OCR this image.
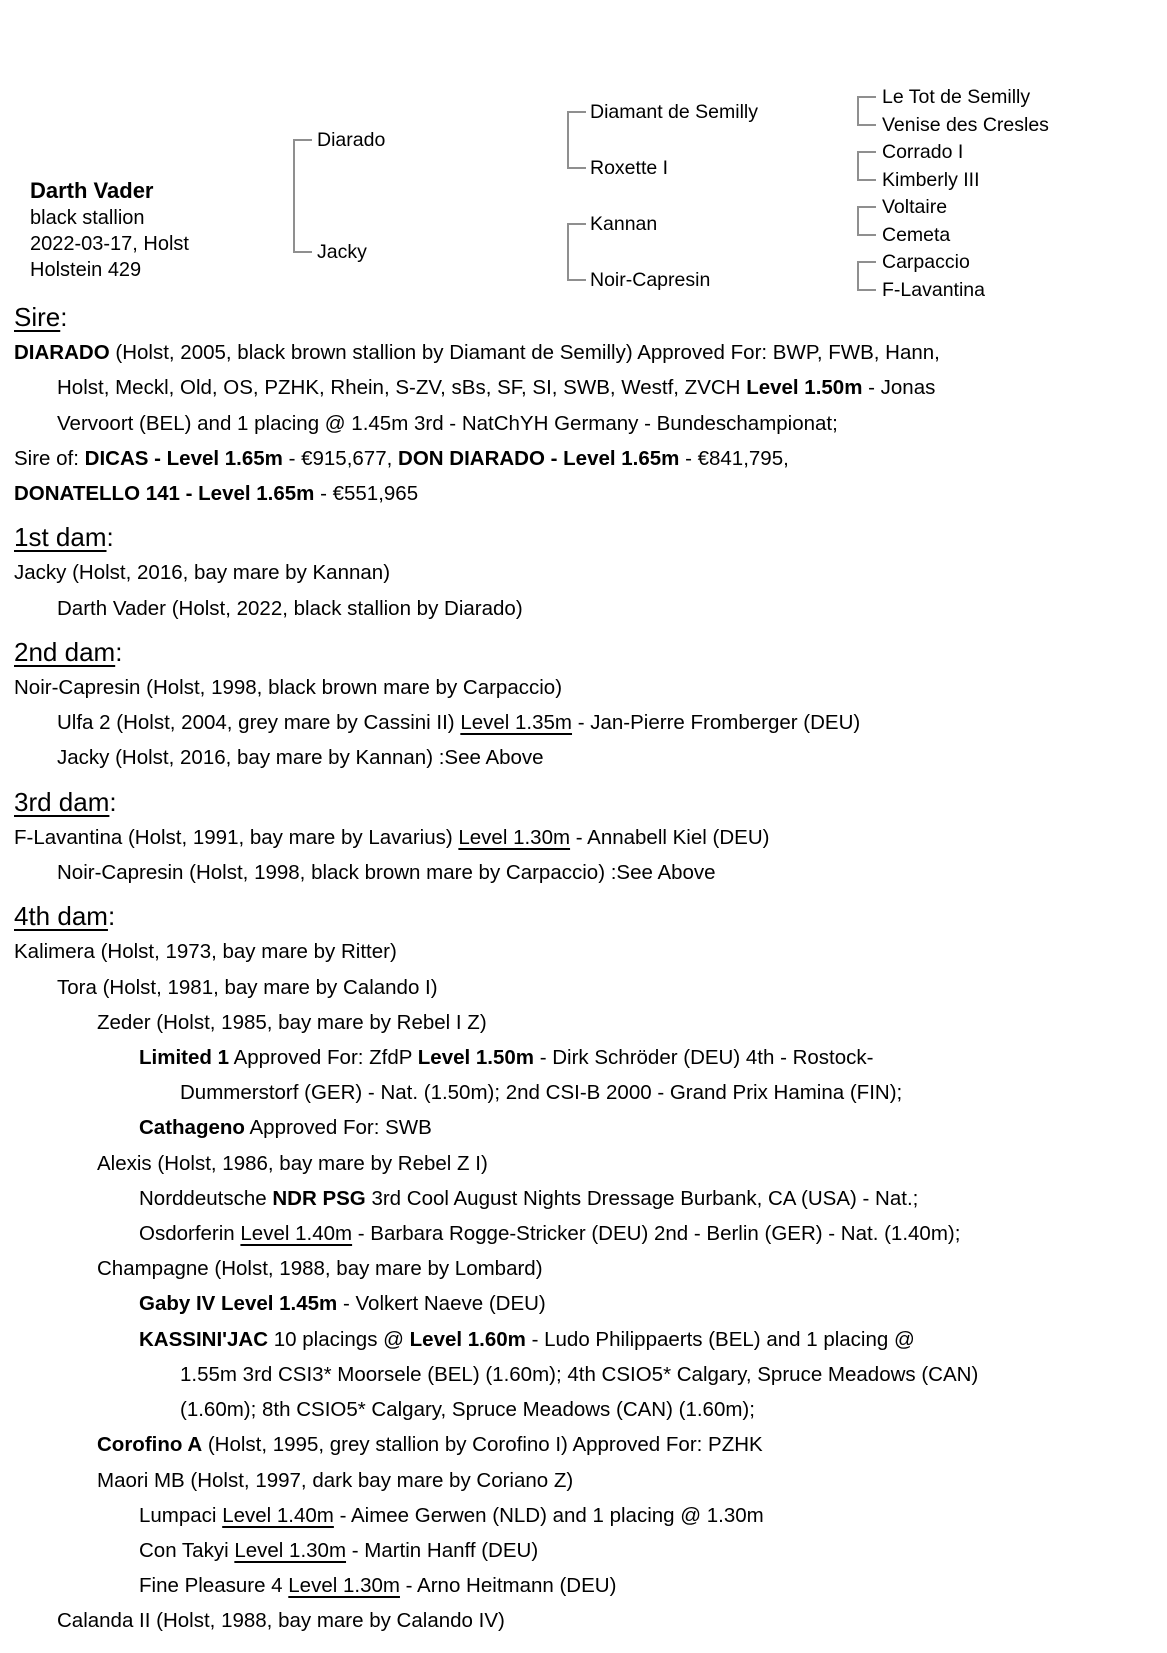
Darth Vader
black stallion
2022-03-17, Holst
Holstein 429
Diarado
Jacky
Diamant de Semilly
Roxette I
Kannan
Noir-Capresin
Le Tot de Semilly
Venise des Cresles
Corrado I
Kimberly III
Voltaire
Cemeta
Carpaccio
F-Lavantina
Sire:
DIARADO (Holst, 2005, black brown stallion by Diamant de Semilly) Approved For: BWP, FWB, Hann,
Holst, Meckl, Old, OS, PZHK, Rhein, S-ZV, sBs, SF, SI, SWB, Westf, ZVCH Level 1.50m - Jonas
Vervoort (BEL) and 1 placing @ 1.45m 3rd - NatChYH Germany - Bundeschampionat;
Sire of: DICAS - Level 1.65m - €915,677, DON DIARADO - Level 1.65m - €841,795,
DONATELLO 141 - Level 1.65m - €551,965
1st dam:
Jacky (Holst, 2016, bay mare by Kannan)
Darth Vader (Holst, 2022, black stallion by Diarado)
2nd dam:
Noir-Capresin (Holst, 1998, black brown mare by Carpaccio)
Ulfa 2 (Holst, 2004, grey mare by Cassini II) Level 1.35m - Jan-Pierre Fromberger (DEU)
Jacky (Holst, 2016, bay mare by Kannan) :See Above
3rd dam:
F-Lavantina (Holst, 1991, bay mare by Lavarius) Level 1.30m - Annabell Kiel (DEU)
Noir-Capresin (Holst, 1998, black brown mare by Carpaccio) :See Above
4th dam:
Kalimera (Holst, 1973, bay mare by Ritter)
Tora (Holst, 1981, bay mare by Calando I)
Zeder (Holst, 1985, bay mare by Rebel I Z)
Limited 1 Approved For: ZfdP Level 1.50m - Dirk Schröder (DEU) 4th - Rostock-
Dummerstorf (GER) - Nat. (1.50m); 2nd CSI-B 2000 - Grand Prix Hamina (FIN);
Cathageno Approved For: SWB
Alexis (Holst, 1986, bay mare by Rebel Z I)
Norddeutsche NDR PSG 3rd Cool August Nights Dressage Burbank, CA (USA) - Nat.;
Osdorferin Level 1.40m - Barbara Rogge-Stricker (DEU) 2nd - Berlin (GER) - Nat. (1.40m);
Champagne (Holst, 1988, bay mare by Lombard)
Gaby IV Level 1.45m - Volkert Naeve (DEU)
KASSINI'JAC 10 placings @ Level 1.60m - Ludo Philippaerts (BEL) and 1 placing @
1.55m 3rd CSI3* Moorsele (BEL) (1.60m); 4th CSIO5* Calgary, Spruce Meadows (CAN)
(1.60m); 8th CSIO5* Calgary, Spruce Meadows (CAN) (1.60m);
Corofino A (Holst, 1995, grey stallion by Corofino I) Approved For: PZHK
Maori MB (Holst, 1997, dark bay mare by Coriano Z)
Lumpaci Level 1.40m - Aimee Gerwen (NLD) and 1 placing @ 1.30m
Con Takyi Level 1.30m - Martin Hanff (DEU)
Fine Pleasure 4 Level 1.30m - Arno Heitmann (DEU)
Calanda II (Holst, 1988, bay mare by Calando IV)
